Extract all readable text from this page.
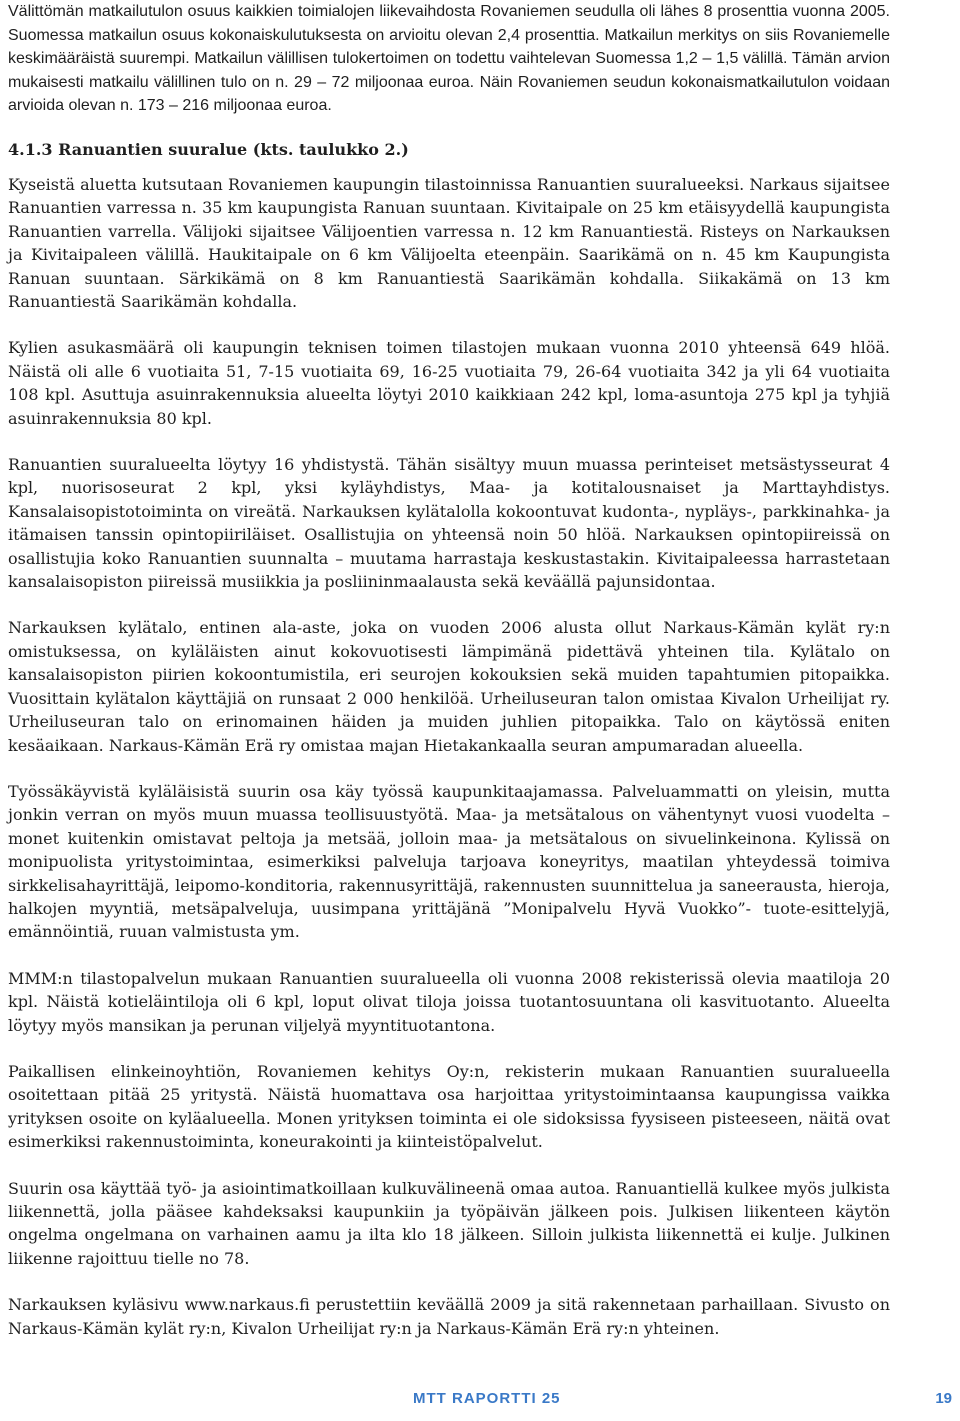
Välittömän matkailutulon osuus kaikkien toimialojen liikevaihdosta Rovaniemen seudulla oli lähes 8 prosenttia vuonna 2005. Suomessa matkailun osuus kokonaiskulutuksesta on arvioitu olevan 2,4 prosenttia. Matkailun merkitys on siis Rovaniemelle keskimääräistä suurempi. Matkailun välillisen tulokertoimen on todettu vaihtelevan Suomessa 1,2 – 1,5 välillä. Tämän arvion mukaisesti matkailu välillinen tulo on n. 29 – 72 miljoonaa euroa. Näin Rovaniemen seudun kokonaismatkailutulon voidaan arvioida olevan n. 173 – 216 miljoonaa euroa.

4.1.3 Ranuantien suuralue (kts. taulukko 2.)

Kyseistä aluetta kutsutaan Rovaniemen kaupungin tilastoinnissa Ranuantien suuralueeksi. Narkaus sijaitsee Ranuantien varressa n. 35 km kaupungista Ranuan suuntaan. Kivitaipale on 25 km etäisyydellä kaupungista Ranuantien varrella. Välijoki sijaitsee Välijoentien varressa n. 12 km Ranuantiestä. Risteys on Narkauksen ja Kivitaipaleen välillä. Haukitaipale on 6 km Välijoelta eteenpäin. Saarikämä on n. 45 km Kaupungista Ranuan suuntaan. Särkikämä on 8 km Ranuantiestä Saarikämän kohdalla. Siikakämä on 13 km Ranuantiestä Saarikämän kohdalla.

Kylien asukasmäärä oli kaupungin teknisen toimen tilastojen mukaan vuonna 2010 yhteensä 649 hlöä. Näistä oli alle 6 vuotiaita 51, 7-15 vuotiaita 69, 16-25 vuotiaita 79, 26-64 vuotiaita 342 ja yli 64 vuotiaita 108 kpl. Asuttuja asuinrakennuksia alueelta löytyi 2010 kaikkiaan 242 kpl, loma-asuntoja 275 kpl ja tyhjiä asuinrakennuksia 80 kpl.

Ranuantien suuralueelta löytyy 16 yhdistystä. Tähän sisältyy muun muassa perinteiset metsästysseurat 4 kpl, nuorisoseurat 2 kpl, yksi kyläyhdistys, Maa- ja kotitalousnaiset ja Marttayhdistys. Kansalaisopistotoiminta on vireätä. Narkauksen kylätalolla kokoontuvat kudonta-, nypläys-, parkkinahka- ja itämaisen tanssin opintopiiriläiset. Osallistujia on yhteensä noin 50 hlöä. Narkauksen opintopiireissä on osallistujia koko Ranuantien suunnalta – muutama harrastaja keskustastakin. Kivitaipaleessa harrastetaan kansalaisopiston piireissä musiikkia ja posliininmaalausta sekä keväällä pajunsidontaa.

Narkauksen kylätalo, entinen ala-aste, joka on vuoden 2006 alusta ollut Narkaus-Kämän kylät ry:n omistuksessa, on kyläläisten ainut kokovuotisesti lämpimänä pidettävä yhteinen tila. Kylätalo on kansalaisopiston piirien kokoontumistila, eri seurojen kokouksien sekä muiden tapahtumien pitopaikka. Vuosittain kylätalon käyttäjiä on runsaat 2 000 henkilöä. Urheiluseuran talon omistaa Kivalon Urheilijat ry. Urheiluseuran talo on erinomainen häiden ja muiden juhlien pitopaikka. Talo on käytössä eniten kesäaikaan. Narkaus-Kämän Erä ry omistaa majan Hietakankaalla seuran ampumaradan alueella.

Työssäkäyvistä kyläläisistä suurin osa käy työssä kaupunkitaajamassa. Palveluammatti on yleisin, mutta jonkin verran on myös muun muassa teollisuustyötä. Maa- ja metsätalous on vähentynyt vuosi vuodelta – monet kuitenkin omistavat peltoja ja metsää, jolloin maa- ja metsätalous on sivuelinkeinona. Kylissä on monipuolista yritystoimintaa, esimerkiksi palveluja tarjoava koneyritys, maatilan yhteydessä toimiva sirkkelisahayrittäjä, leipomo-konditoria, rakennusyrittäjä, rakennusten suunnittelua ja saneerausta, hieroja, halkojen myyntiä, metsäpalveluja, uusimpana yrittäjänä ”Monipalvelu Hyvä Vuokko”- tuote-esittelyjä, emännöintiä, ruuan valmistusta ym.

MMM:n tilastopalvelun mukaan Ranuantien suuralueella oli vuonna 2008 rekisterissä olevia maatiloja 20 kpl. Näistä kotieläintiloja oli 6 kpl, loput olivat tiloja joissa tuotantosuuntana oli kasvituotanto. Alueelta löytyy myös mansikan ja perunan viljelyä myyntituotantona.

Paikallisen elinkeinoyhtiön, Rovaniemen kehitys Oy:n, rekisterin mukaan Ranuantien suuralueella osoitettaan pitää 25 yritystä. Näistä huomattava osa harjoittaa yritystoimintaansa kaupungissa vaikka yrityksen osoite on kyläalueella. Monen yrityksen toiminta ei ole sidoksissa fyysiseen pisteeseen, näitä ovat esimerkiksi rakennustoiminta, koneurakointi ja kiinteistöpalvelut.

Suurin osa käyttää työ- ja asiointimatkoillaan kulkuvälineenä omaa autoa. Ranuantiellä kulkee myös julkista liikennettä, jolla pääsee kahdeksaksi kaupunkiin ja työpäivän jälkeen pois. Julkisen liikenteen käytön ongelma ongelmana on varhainen aamu ja ilta klo 18 jälkeen. Silloin julkista liikennettä ei kulje. Julkinen liikenne rajoittuu tielle no 78.

Narkauksen kyläsivu www.narkaus.fi perustettiin keväällä 2009 ja sitä rakennetaan parhaillaan. Sivusto on Narkaus-Kämän kylät ry:n, Kivalon Urheilijat ry:n ja Narkaus-Kämän Erä ry:n yhteinen.

MTT RAPORTTI 25	19
